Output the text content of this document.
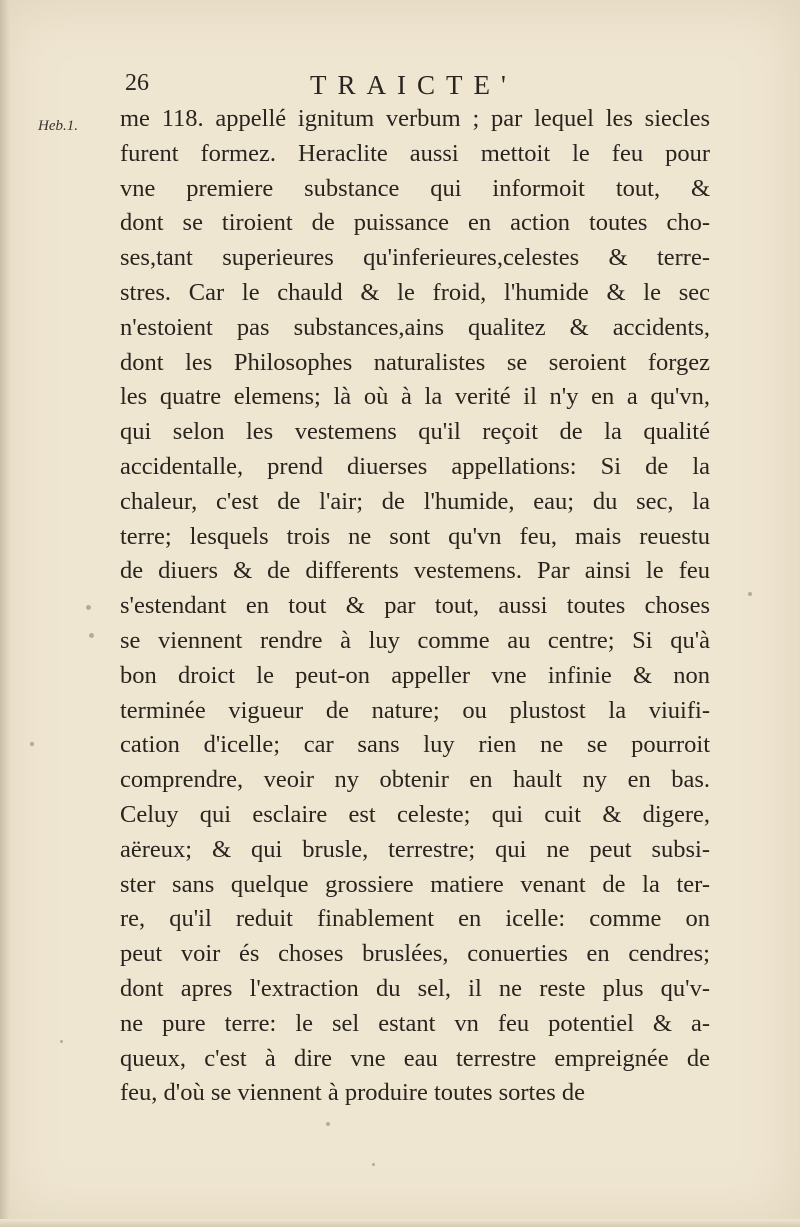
26	TRAICTE'
Heb.1. me 118. appellé ignitum verbum ; par lequel les siecles
furent formez. Heraclite aussi mettoit le feu pour
vne premiere substance qui informoit tout, &
dont se tiroient de puissance en action toutes cho-
ses,tant superieures qu'inferieures,celestes & terre-
stres. Car le chauld & le froid, l'humide & le sec
n'estoient pas substances,ains qualitez & accidents,
dont les Philosophes naturalistes se seroient forgez
les quatre elemens; là où à la verité il n'y en a qu'vn,
qui selon les vestemens qu'il reçoit de la qualité
accidentalle, prend diuerses appellations: Si de la
chaleur, c'est de l'air; de l'humide, eau; du sec, la
terre; lesquels trois ne sont qu'vn feu, mais reuestu
de diuers & de differents vestemens. Par ainsi le feu
s'estendant en tout & par tout, aussi toutes choses
se viennent rendre à luy comme au centre; Si qu'à
bon droict le peut-on appeller vne infinie & non
terminée vigueur de nature; ou plustost la viuifi-
cation d'icelle; car sans luy rien ne se pourroit
comprendre, veoir ny obtenir en hault ny en bas.
Celuy qui esclaire est celeste; qui cuit & digere,
aëreux; & qui brusle, terrestre; qui ne peut subsi-
ster sans quelque grossiere matiere venant de la ter-
re, qu'il reduit finablement en icelle: comme on
peut voir és choses bruslées, conuerties en cendres;
dont apres l'extraction du sel, il ne reste plus qu'v-
ne pure terre: le sel estant vn feu potentiel & a-
queux, c'est à dire vne eau terrestre empreignée de
feu, d'où se viennent à produire toutes sortes de
